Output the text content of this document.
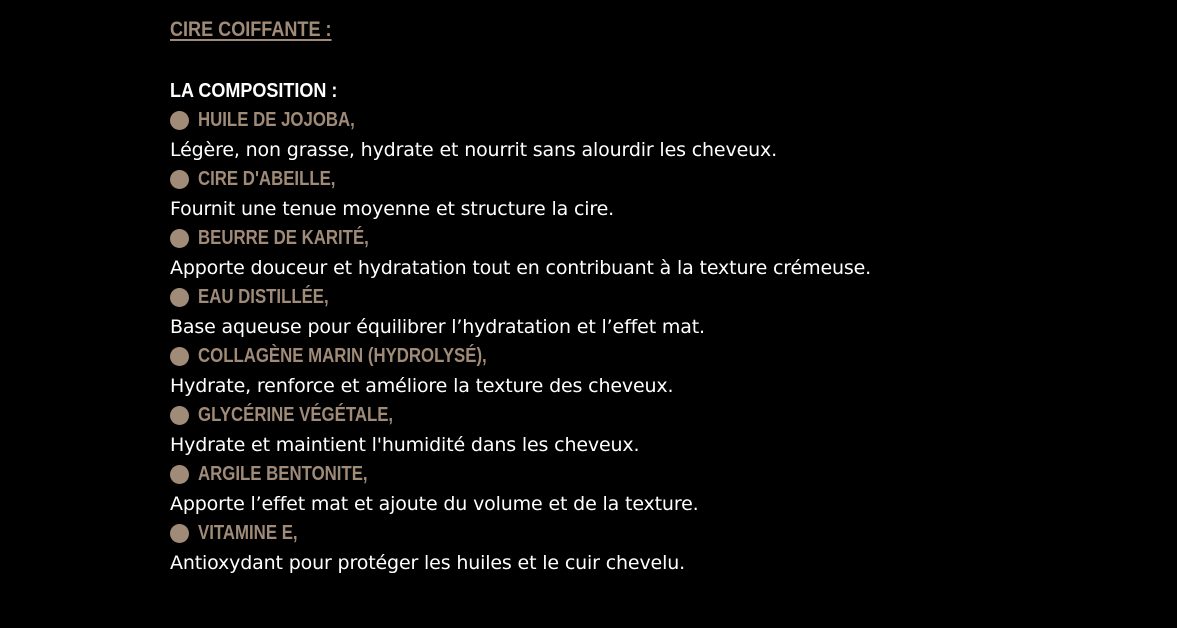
CIRE COIFFANTE :
LA COMPOSITION :
HUILE DE JOJOBA,
Légère, non grasse, hydrate et nourrit sans alourdir les cheveux.
CIRE D'ABEILLE,
Fournit une tenue moyenne et structure la cire.
BEURRE DE KARITÉ,
Apporte douceur et hydratation tout en contribuant à la texture crémeuse.
EAU DISTILLÉE,
Base aqueuse pour équilibrer l’hydratation et l’effet mat.
COLLAGÈNE MARIN (HYDROLYSÉ),
Hydrate, renforce et améliore la texture des cheveux.
GLYCÉRINE VÉGÉTALE,
Hydrate et maintient l'humidité dans les cheveux.
ARGILE BENTONITE,
Apporte l’effet mat et ajoute du volume et de la texture.
VITAMINE E,
Antioxydant pour protéger les huiles et le cuir chevelu.
